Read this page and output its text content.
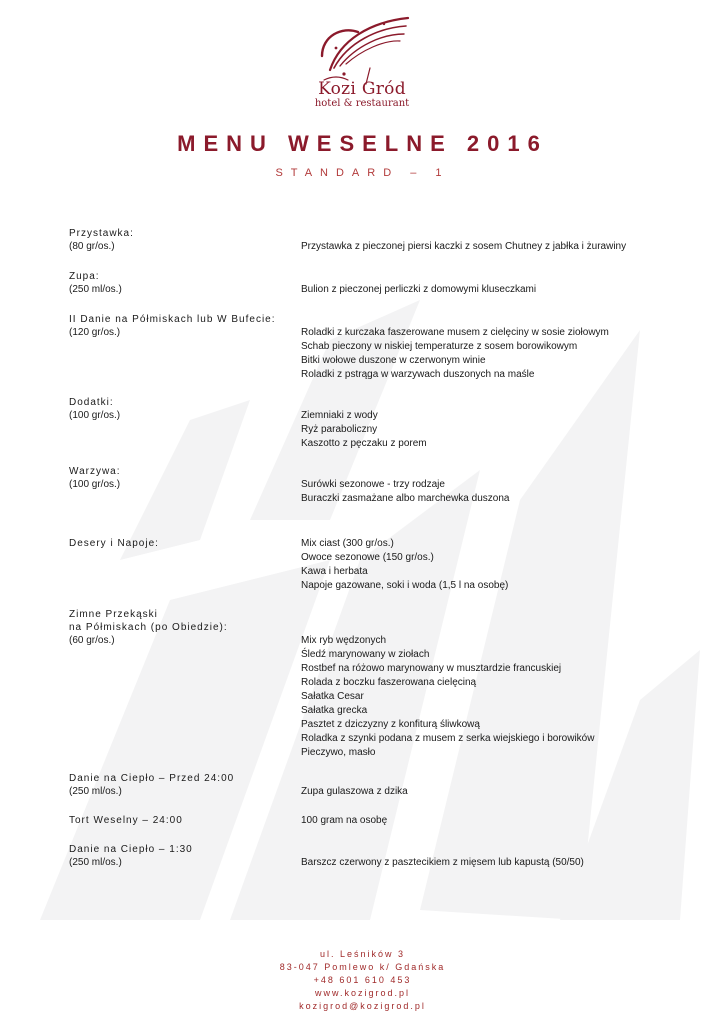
Kozi Gród
hotel & restaurant
MENU WESELNE 2016
STANDARD – 1
Przystawka:
(80 gr/os.)	Przystawka z pieczonej piersi kaczki z sosem Chutney z jabłka i żurawiny
Zupa:
(250 ml/os.)	Bulion z pieczonej perliczki z domowymi kluseczkami
II Danie na Półmiskach lub W Bufecie:
(120 gr/os.)	Roladki z kurczaka faszerowane musem z cielęciny w sosie ziołowym
Schab pieczony w niskiej temperaturze z sosem borowikowym
Bitki wołowe duszone w czerwonym winie
Roladki z pstrąga w warzywach duszonych na maśle
Dodatki:
(100 gr/os.)	Ziemniaki z wody
Ryż paraboliczny
Kaszotto z pęczaku z porem
Warzywa:
(100 gr/os.)	Surówki sezonowe - trzy rodzaje
Buraczki zasmażane albo marchewka duszona
Desery i Napoje:	Mix ciast (300 gr/os.)
Owoce sezonowe (150 gr/os.)
Kawa i herbata
Napoje gazowane, soki i woda (1,5 l na osobę)
Zimne Przekąski
na Półmiskach (po Obiedzie):
(60 gr/os.)	Mix ryb wędzonych
Śledź marynowany w ziołach
Rostbef na różowo marynowany w musztardzie francuskiej
Rolada z boczku faszerowana cielęciną
Sałatka Cesar
Sałatka grecka
Pasztet z dziczyzny z konfiturą śliwkową
Roladka z szynki podana z musem z serka wiejskiego i borowików
Pieczywo, masło
Danie na Ciepło – Przed 24:00
(250 ml/os.)	Zupa gulaszowa z dzika
Tort Weselny – 24:00	100 gram na osobę
Danie na Ciepło – 1:30
(250 ml/os.)	Barszcz czerwony z pasztecikiem z mięsem lub kapustą (50/50)
ul. Leśników 3
83-047 Pomlewo k/ Gdańska
+48 601 610 453
www.kozigrod.pl
kozigrod@kozigrod.pl
